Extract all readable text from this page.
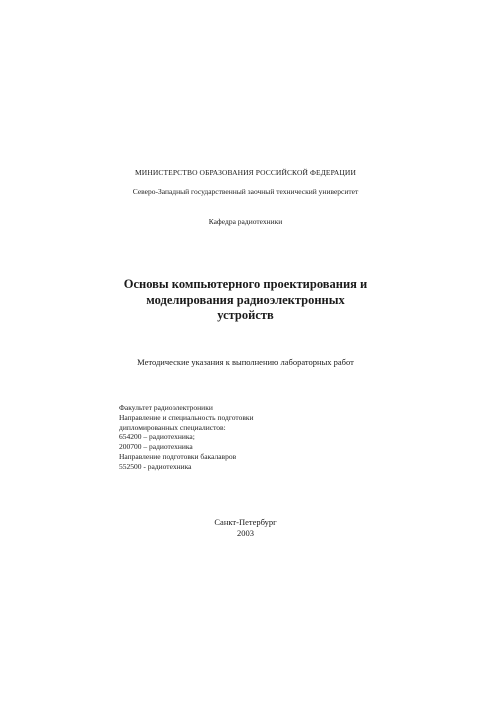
МИНИСТЕРСТВО ОБРАЗОВАНИЯ РОССИЙСКОЙ ФЕДЕРАЦИИ
Северо-Западный государственный заочный технический университет
Кафедра радиотехники
Основы компьютерного проектирования и
моделирования радиоэлектронных
устройств
Методические указания к выполнению лабораторных работ
Факультет радиоэлектроники
Направление и специальность подготовки
дипломированных специалистов:
654200 – радиотехника;
200700 – радиотехника
Направление подготовки бакалавров
552500 - радиотехника
Санкт-Петербург
2003
